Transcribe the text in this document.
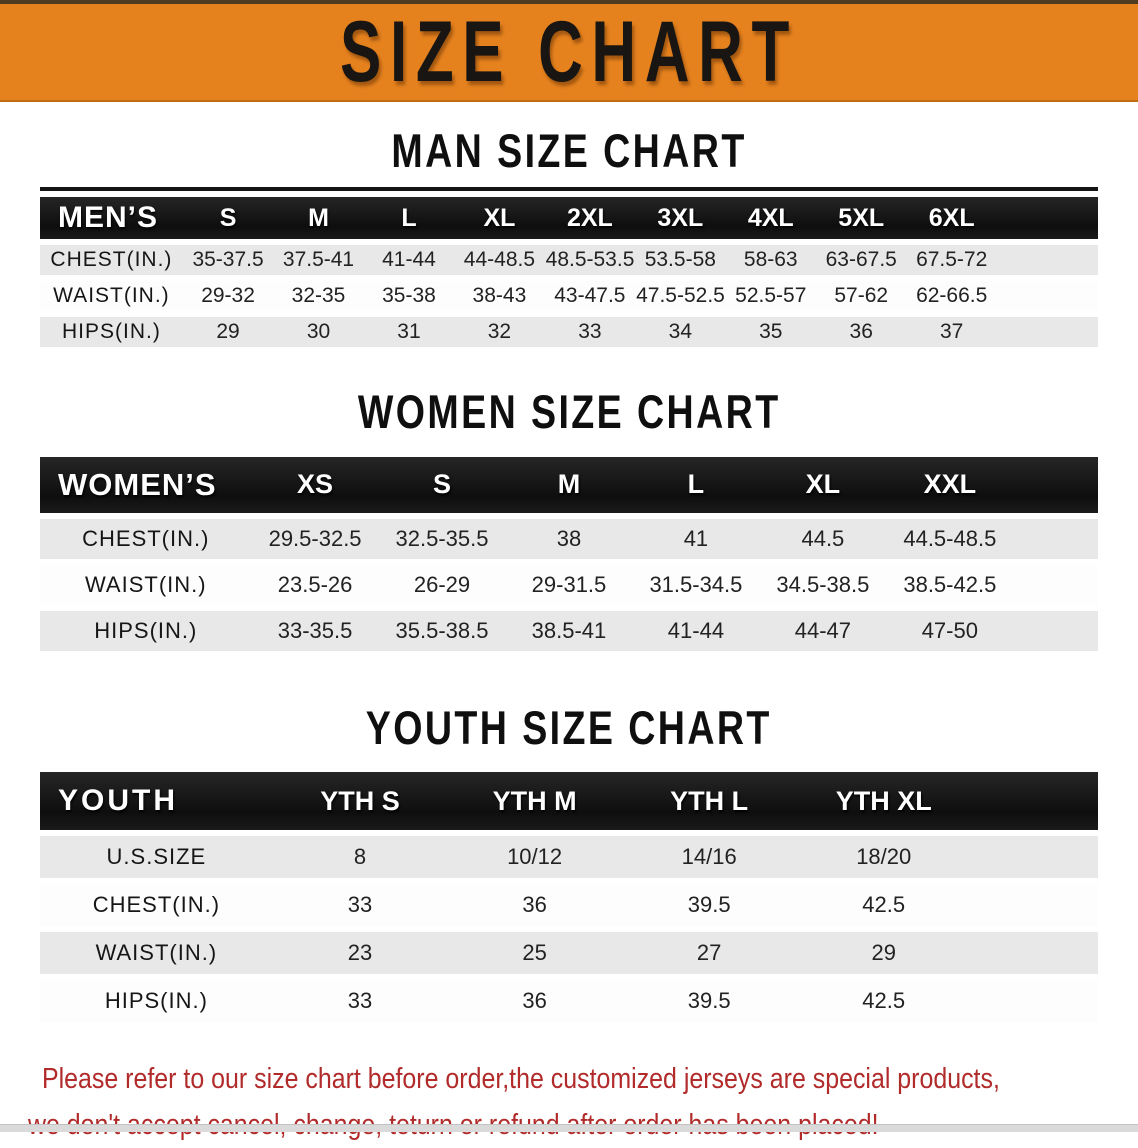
SIZE CHART
MAN SIZE CHART
MEN’S	S	M	L	XL	2XL	3XL	4XL	5XL	6XL	
CHEST(IN.)	35-37.5	37.5-41	41-44	44-48.5	48.5-53.5	53.5-58	58-63	63-67.5	67.5-72	
WAIST(IN.)	29-32	32-35	35-38	38-43	43-47.5	47.5-52.5	52.5-57	57-62	62-66.5	
HIPS(IN.)	29	30	31	32	33	34	35	36	37	
WOMEN SIZE CHART
WOMEN’S	XS	S	M	L	XL	XXL	
CHEST(IN.)	29.5-32.5	32.5-35.5	38	41	44.5	44.5-48.5	
WAIST(IN.)	23.5-26	26-29	29-31.5	31.5-34.5	34.5-38.5	38.5-42.5	
HIPS(IN.)	33-35.5	35.5-38.5	38.5-41	41-44	44-47	47-50	
YOUTH SIZE CHART
YOUTH	YTH S	YTH M	YTH L	YTH XL	
U.S.SIZE	8	10/12	14/16	18/20	
CHEST(IN.)	33	36	39.5	42.5	
WAIST(IN.)	23	25	27	29	
HIPS(IN.)	33	36	39.5	42.5	
Please refer to our size chart before order,the customized jerseys are special products,
